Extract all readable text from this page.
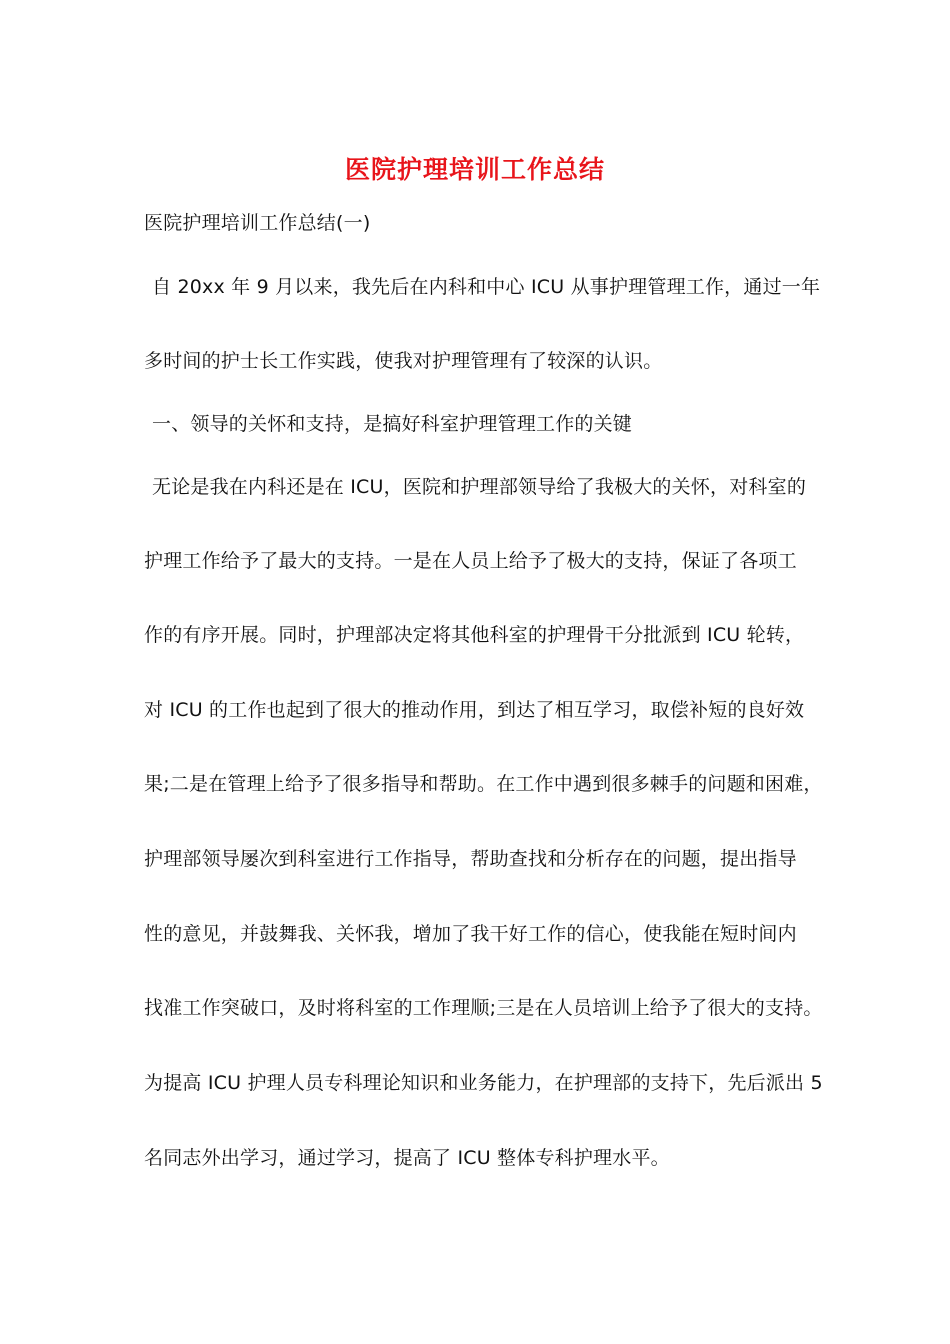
医院护理培训工作总结
医院护理培训工作总结(一)
自 20xx 年 9 月以来，我先后在内科和中心 ICU 从事护理管理工作，通过一年
多时间的护士长工作实践，使我对护理管理有了较深的认识。
一、领导的关怀和支持，是搞好科室护理管理工作的关键
无论是我在内科还是在 ICU，医院和护理部领导给了我极大的关怀，对科室的
护理工作给予了最大的支持。一是在人员上给予了极大的支持，保证了各项工
作的有序开展。同时，护理部决定将其他科室的护理骨干分批派到 ICU 轮转，
对 ICU 的工作也起到了很大的推动作用，到达了相互学习，取偿补短的良好效
果;二是在管理上给予了很多指导和帮助。在工作中遇到很多棘手的问题和困难，
护理部领导屡次到科室进行工作指导，帮助查找和分析存在的问题，提出指导
性的意见，并鼓舞我、关怀我，增加了我干好工作的信心，使我能在短时间内
找准工作突破口，及时将科室的工作理顺;三是在人员培训上给予了很大的支持。
为提高 ICU 护理人员专科理论知识和业务能力，在护理部的支持下，先后派出 5
名同志外出学习，通过学习，提高了 ICU 整体专科护理水平。
